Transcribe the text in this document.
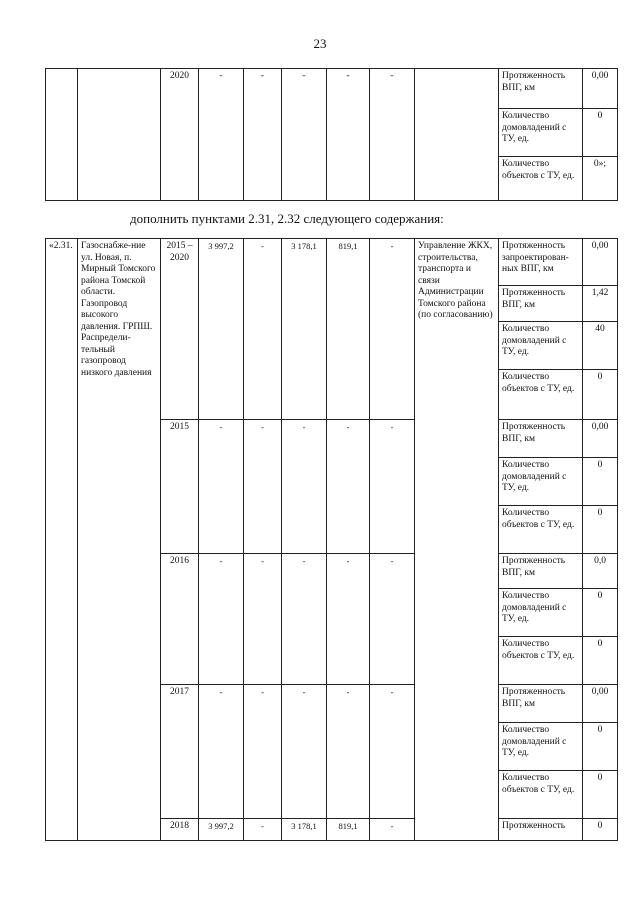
23
		2020	-	-	-	-	-		Протяженность ВПГ, км	0,00
									Количество домовладений с ТУ, ед.	0
									Количество объектов с ТУ, ед.	0»;
дополнить пунктами 2.31, 2.32 следующего содержания:
«2.31.	Газоснабже-ние ул. Новая, п. Мирный Томского района Томской области. Газопровод высокого давления. ГРПШ. Распредели-тельный газопровод низкого давления	2015 – 2020	3 997,2	-	3 178,1	819,1	-	Управление ЖКХ, строительства, транспорта и связи Администрации Томского района (по согласованию)	Протяженность запроектирован-ных ВПГ, км	0,00
									Протяженность ВПГ, км	1,42
									Количество домовладений с ТУ, ед.	40
									Количество объектов с ТУ, ед.	0
		2015	-	-	-	-	-		Протяженность ВПГ, км	0,00
									Количество домовладений с ТУ, ед.	0
									Количество объектов с ТУ, ед.	0
		2016	-	-	-	-	-		Протяженность ВПГ, км	0,0
									Количество домовладений с ТУ, ед.	0
									Количество объектов с ТУ, ед.	0
		2017	-	-	-	-	-		Протяженность ВПГ, км	0,00
									Количество домовладений с ТУ, ед.	0
									Количество объектов с ТУ, ед.	0
		2018	3 997,2	-	3 178,1	819,1	-		Протяженность	0
